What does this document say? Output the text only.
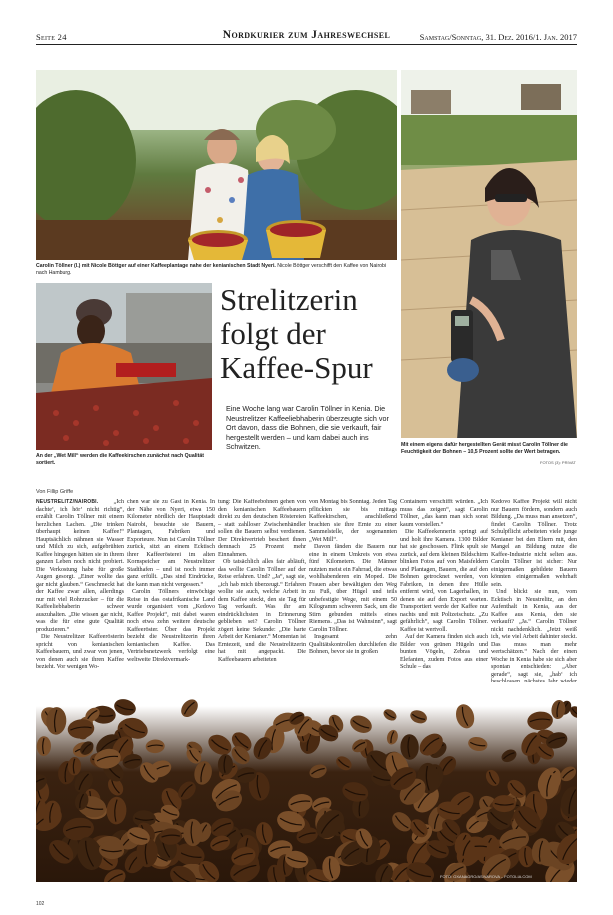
Seite 24	Nordkurier zum Jahreswechsel	Samstag/Sonntag, 31. Dez. 2016/1. Jan. 2017
Carolin Töllner (l.) mit Nicole Böttger auf einer Kaffeeplantage nahe der kenianischen Stadt Nyeri. Nicole Böttger verschifft den Kaffee von Nairobi nach Hamburg.
An der „Wet Mill“ werden die Kaffeekirschen zunächst nach Qualität sortiert.
Mit einem eigens dafür hergestellten Gerät misst Carolin Töllner die Feuchtigkeit der Bohnen – 10,5 Prozent sollte der Wert betragen.
FOTOS (3): PRIVAT
Strelitzerin folgt der Kaffee-Spur
Eine Woche lang war Carolin Töllner in Kenia. Die Neustrelitzer Kaffeeliebhaberin überzeugte sich vor Ort davon, dass die Bohnen, die sie verkauft, fair hergestellt werden – und kam dabei auch ins Schwitzen.
Von Fillip Griffe

NEUSTRELITZ/NAIROBI. „Ich dachte‘, ich hör‘ nicht richtig“, erzählt Carolin Töllner mit einem herzlichen Lachen. „Die trinken überhaupt keinen Kaffee!“ Hauptsächlich nähmen sie Wasser und Milch zu sich, aufgebrühten Kaffee hingegen hätten sie in ihrem ganzen Leben noch nicht probiert. Die Verkostung habe für große Augen gesorgt. „Einer wollte das gar nicht glauben.“ Geschmeckt hat der Kaffee zwar allen, allerdings nur mit viel Rohrzucker – für die Kaffeeliebhaberin schwer auszuhalten. „Die wissen gar nicht, was die für eine gute Qualität produzieren.“

Die Neustrelitzer Kaffeerösterin spricht von kenianischen Kaffeebauern, und zwar von jenen, von denen auch sie ihren Kaffee bezieht. Vor wenigen Wo-

chen war sie zu Gast in Kenia. In der Nähe von Nyeri, etwa 150 Kilometer nördlich der Hauptstadt Nairobi, besuchte sie Bauern, Plantagen, Fabriken und Exporteure. Nun ist Carolin Töllner zurück, sitzt an einem Ecktisch ihrer Kaffeerösterei im alten Kornspeicher am Neustrelitzer Stadthafen – und ist noch immer ganz erfüllt. „Das sind Eindrücke, die kann man nicht vergessen.“

Carolin Töllners einwöchige Reise in das ostafrikanische Land wurde organisiert vom „Kedovo Kaffee Projekt“, mit dabei waren noch etwa zehn weitere deutsche Kaffeeröster. Über das Projekt bezieht die Neustrelitzerin ihren kenianischen Kaffee. Das Vertriebsnetzwerk verfolgt eine weltweite Direktvermark-

tung: Die Kaffeebohnen gehen von den kenianischen Kaffeebauern direkt zu den deutschen Röstereien – statt zahlloser Zwischenhändler sollen die Bauern selbst verdienen. Der Direktvertrieb beschert ihnen demnach 25 Prozent mehr Einnahmen.

Ob tatsächlich alles fair abläuft, das wollte Carolin Töllner auf der Reise erfahren. Und? „Ja“, sagt sie, „ich hab mich überzeugt.“ Erfahren wollte sie auch, welche Arbeit in dem Kaffee steckt, den sie Tag für Tag verkauft. Was ihr am eindrücklichsten in Erinnerung geblieben sei? Carolin Töllner zögert keine Sekunde: „Die harte Arbeit der Kenianer.“ Momentan ist Erntezeit, und die Neustrelitzerin hat mit angepackt. Die Kaffeebauern arbeiteten

von Montag bis Sonntag. Jeden Tag pflückten sie bis mittags Kaffeekirschen, anschließend brachten sie ihre Ernte zu einer Sammelstelle, der sogenannten „Wet Mill“.

Davon fänden die Bauern nur eine in einem Umkreis von etwa fünf Kilometern. Die Männer nutzten meist ein Fahrrad, die etwas wohlhabenderen ein Moped. Die Frauen aber bewältigten den Weg zu Fuß, über Hügel und teils unbefestigte Wege, mit einem 50 Kilogramm schweren Sack, um die Stirn gebunden mittels eines Riemens. „Das ist Wahnsinn“, sagt Carolin Töllner.

Insgesamt zehn Qualitätskontrollen durchliefen die Bohnen, bevor sie in großen

Containern verschifft würden. „Ich muss das zeigen“, sagt Carolin Töllner, „das kann man sich sonst kaum vorstellen.“

Die Kaffeekennerin springt auf und holt ihre Kamera. 1300 Bilder hat sie geschossen. Flink spult sie zurück, auf dem kleinen Bildschirm blinken Fotos auf von Maisfeldern und Plantagen, Bauern, die auf den Bohnen getrocknet werden, von Fabriken, in denen ihre Hülle entfernt wird, von Lagerhallen, in denen sie auf den Export warten. Transportiert werde der Kaffee nur nachts und mit Polizeischutz. „Zu gefährlich“, sagt Carolin Töllner. Kaffee ist wertvoll.

Auf der Kamera finden sich auch Bilder von grünen Hügeln und bunten Vögeln, Zebras und Elefanten, zudem Fotos aus einer Schule – das

Kedovo Kaffee Projekt will nicht nur Bauern fördern, sondern auch Bildung. „Da muss man ansetzen“, findet Carolin Töllner. Trotz Schulpflicht arbeiteten viele junge Kenianer bei den Eltern mit, den Mangel an Bildung nutze die Kaffee-Industrie nicht selten aus. Carolin Töllner ist sicher: Nur einigermaßen gebildete Bauern könnten einigermaßen wehrhaft sein.

Und blickt sie nun, vom Ecktisch in Neustrelitz, an den Aufenthalt in Kenia, aus der Kaffee aus Kenia, den sie verkauft? „Ja.“ Carolin Töllner nickt nachdenklich. „Jetzt weiß ich, wie viel Arbeit dahinter steckt. Das muss man mehr wertschätzen.“ Nach der einen Woche in Kenia habe sie sich aber spontan entschieden: „Aber gerade“, sagt sie, „hab‘ ich

FOTO: OXANAGRO/AS/VAROVA – FOTOLIA.COM
102
